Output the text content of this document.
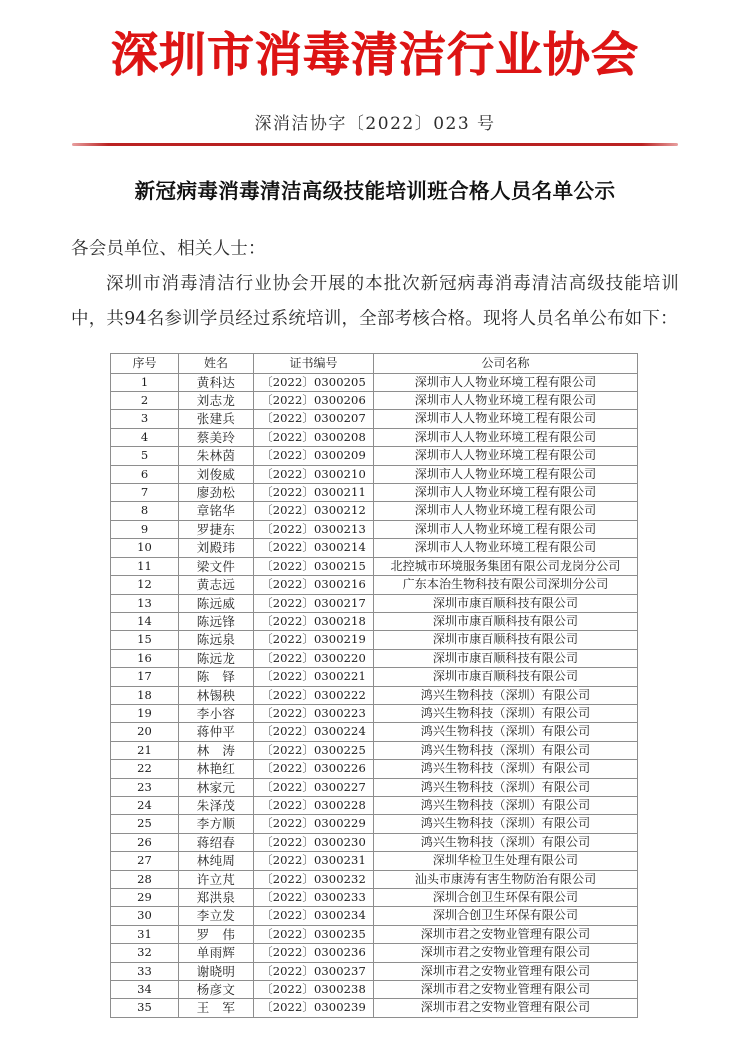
深圳市消毒清洁行业协会
深消洁协字〔2022〕023 号
新冠病毒消毒清洁高级技能培训班合格人员名单公示
各会员单位、相关人士：
深圳市消毒清洁行业协会开展的本批次新冠病毒消毒清洁高级技能培训中，共94名参训学员经过系统培训，全部考核合格。现将人员名单公布如下：
序号	姓名	证书编号	公司名称
1	黄科达	〔2022〕0300205	深圳市人人物业环境工程有限公司
2	刘志龙	〔2022〕0300206	深圳市人人物业环境工程有限公司
3	张建兵	〔2022〕0300207	深圳市人人物业环境工程有限公司
4	蔡美玲	〔2022〕0300208	深圳市人人物业环境工程有限公司
5	朱林茵	〔2022〕0300209	深圳市人人物业环境工程有限公司
6	刘俊威	〔2022〕0300210	深圳市人人物业环境工程有限公司
7	廖劲松	〔2022〕0300211	深圳市人人物业环境工程有限公司
8	章铭华	〔2022〕0300212	深圳市人人物业环境工程有限公司
9	罗捷东	〔2022〕0300213	深圳市人人物业环境工程有限公司
10	刘殿玮	〔2022〕0300214	深圳市人人物业环境工程有限公司
11	梁文件	〔2022〕0300215	北控城市环境服务集团有限公司龙岗分公司
12	黄志远	〔2022〕0300216	广东本治生物科技有限公司深圳分公司
13	陈远威	〔2022〕0300217	深圳市康百顺科技有限公司
14	陈远锋	〔2022〕0300218	深圳市康百顺科技有限公司
15	陈远泉	〔2022〕0300219	深圳市康百顺科技有限公司
16	陈远龙	〔2022〕0300220	深圳市康百顺科技有限公司
17	陈　铎	〔2022〕0300221	深圳市康百顺科技有限公司
18	林锡秧	〔2022〕0300222	鸿兴生物科技（深圳）有限公司
19	李小容	〔2022〕0300223	鸿兴生物科技（深圳）有限公司
20	蒋仲平	〔2022〕0300224	鸿兴生物科技（深圳）有限公司
21	林　涛	〔2022〕0300225	鸿兴生物科技（深圳）有限公司
22	林艳红	〔2022〕0300226	鸿兴生物科技（深圳）有限公司
23	林家元	〔2022〕0300227	鸿兴生物科技（深圳）有限公司
24	朱泽茂	〔2022〕0300228	鸿兴生物科技（深圳）有限公司
25	李方顺	〔2022〕0300229	鸿兴生物科技（深圳）有限公司
26	蒋绍春	〔2022〕0300230	鸿兴生物科技（深圳）有限公司
27	林纯周	〔2022〕0300231	深圳华检卫生处理有限公司
28	许立芃	〔2022〕0300232	汕头市康涛有害生物防治有限公司
29	郑洪泉	〔2022〕0300233	深圳合创卫生环保有限公司
30	李立发	〔2022〕0300234	深圳合创卫生环保有限公司
31	罗　伟	〔2022〕0300235	深圳市君之安物业管理有限公司
32	单雨辉	〔2022〕0300236	深圳市君之安物业管理有限公司
33	谢晓明	〔2022〕0300237	深圳市君之安物业管理有限公司
34	杨彦文	〔2022〕0300238	深圳市君之安物业管理有限公司
35	王　军	〔2022〕0300239	深圳市君之安物业管理有限公司
